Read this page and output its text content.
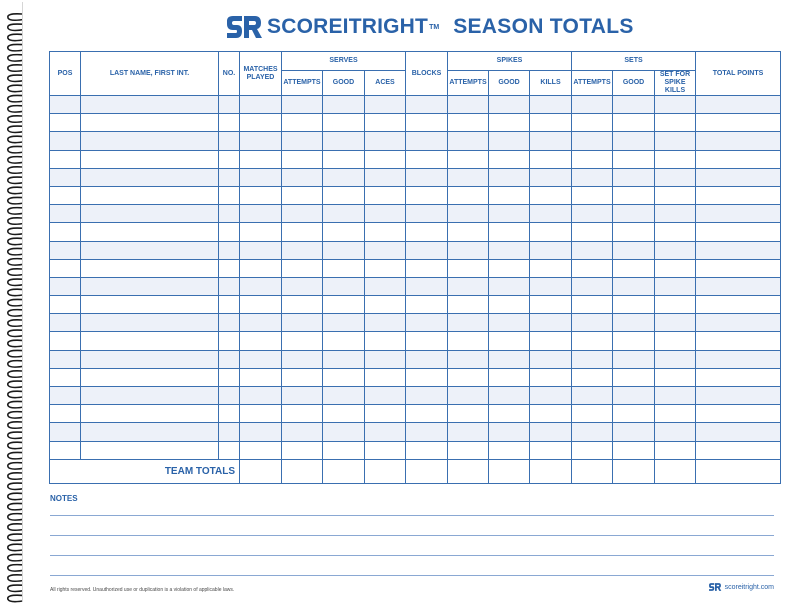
SCOREITRIGHT TM SEASON TOTALS
POS	LAST NAME, FIRST INT.	NO.	MATCHES PLAYED	SERVES			BLOCKS	SPIKES			SETS			TOTAL POINTS
				ATTEMPTS	GOOD	ACES		ATTEMPTS	GOOD	KILLS	ATTEMPTS	GOOD	SET FOR SPIKE KILLS	

TEAM TOTALS														
NOTES
All rights reserved. Unauthorized use or duplication is a violation of applicable laws.	scoreitright.com
